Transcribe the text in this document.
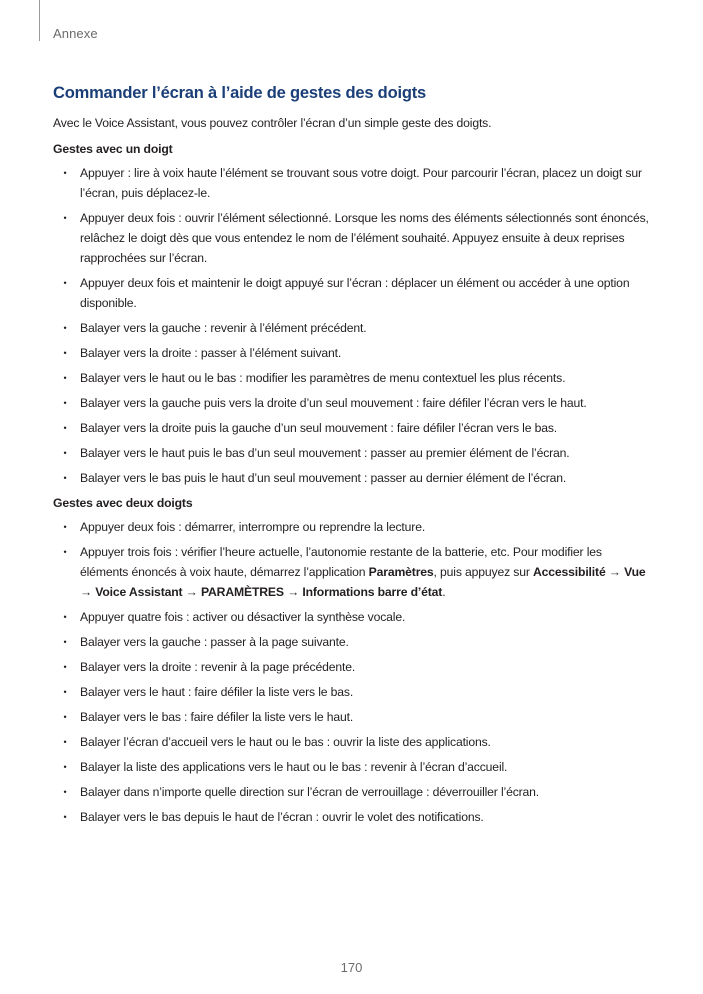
Annexe
Commander l’écran à l’aide de gestes des doigts

Avec le Voice Assistant, vous pouvez contrôler l’écran d’un simple geste des doigts.

Gestes avec un doigt
• Appuyer : lire à voix haute l’élément se trouvant sous votre doigt. Pour parcourir l’écran, placez un doigt sur l’écran, puis déplacez-le.
• Appuyer deux fois : ouvrir l’élément sélectionné. Lorsque les noms des éléments sélectionnés sont énoncés, relâchez le doigt dès que vous entendez le nom de l’élément souhaité. Appuyez ensuite à deux reprises rapprochées sur l’écran.
• Appuyer deux fois et maintenir le doigt appuyé sur l’écran : déplacer un élément ou accéder à une option disponible.
• Balayer vers la gauche : revenir à l’élément précédent.
• Balayer vers la droite : passer à l’élément suivant.
• Balayer vers le haut ou le bas : modifier les paramètres de menu contextuel les plus récents.
• Balayer vers la gauche puis vers la droite d’un seul mouvement : faire défiler l’écran vers le haut.
• Balayer vers la droite puis la gauche d’un seul mouvement : faire défiler l’écran vers le bas.
• Balayer vers le haut puis le bas d’un seul mouvement : passer au premier élément de l’écran.
• Balayer vers le bas puis le haut d’un seul mouvement : passer au dernier élément de l’écran.
Gestes avec deux doigts
• Appuyer deux fois : démarrer, interrompre ou reprendre la lecture.
• Appuyer trois fois : vérifier l’heure actuelle, l’autonomie restante de la batterie, etc. Pour modifier les éléments énoncés à voix haute, démarrez l’application Paramètres, puis appuyez sur Accessibilité → Vue → Voice Assistant → PARAMÈTRES → Informations barre d’état.
• Appuyer quatre fois : activer ou désactiver la synthèse vocale.
• Balayer vers la gauche : passer à la page suivante.
• Balayer vers la droite : revenir à la page précédente.
• Balayer vers le haut : faire défiler la liste vers le bas.
• Balayer vers le bas : faire défiler la liste vers le haut.
• Balayer l’écran d’accueil vers le haut ou le bas : ouvrir la liste des applications.
• Balayer la liste des applications vers le haut ou le bas : revenir à l’écran d’accueil.
• Balayer dans n’importe quelle direction sur l’écran de verrouillage : déverrouiller l’écran.
• Balayer vers le bas depuis le haut de l’écran : ouvrir le volet des notifications.
170
